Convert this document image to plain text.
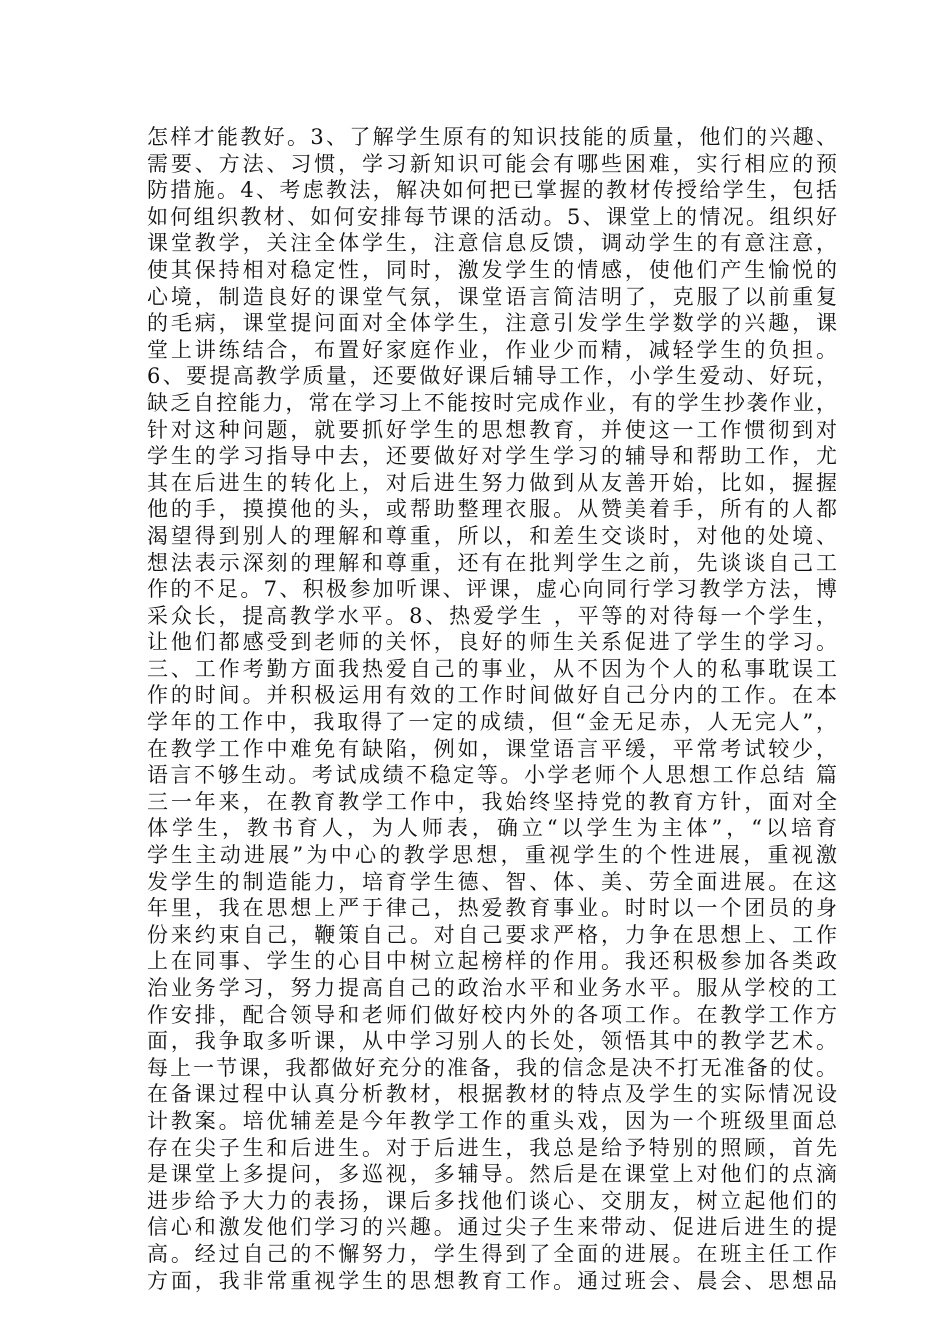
怎样才能教好。3、了解学生原有的知识技能的质量，他们的兴趣、
需要、方法、习惯，学习新知识可能会有哪些困难，实行相应的预
防措施。4、考虑教法，解决如何把已掌握的教材传授给学生，包括
如何组织教材、如何安排每节课的活动。5、课堂上的情况。组织好
课堂教学，关注全体学生，注意信息反馈，调动学生的有意注意，
使其保持相对稳定性，同时，激发学生的情感，使他们产生愉悦的
心境，制造良好的课堂气氛，课堂语言简洁明了，克服了以前重复
的毛病，课堂提问面对全体学生，注意引发学生学数学的兴趣，课
堂上讲练结合，布置好家庭作业，作业少而精，减轻学生的负担。
6、要提高教学质量，还要做好课后辅导工作，小学生爱动、好玩，
缺乏自控能力，常在学习上不能按时完成作业，有的学生抄袭作业，
针对这种问题，就要抓好学生的思想教育，并使这一工作惯彻到对
学生的学习指导中去，还要做好对学生学习的辅导和帮助工作，尤
其在后进生的转化上，对后进生努力做到从友善开始，比如，握握
他的手，摸摸他的头，或帮助整理衣服。从赞美着手，所有的人都
渴望得到别人的理解和尊重，所以，和差生交谈时，对他的处境、
想法表示深刻的理解和尊重，还有在批判学生之前，先谈谈自己工
作的不足。7、积极参加听课、评课，虚心向同行学习教学方法，博
采众长，提高教学水平。8、热爱学生 ，平等的对待每一个学生，
让他们都感受到老师的关怀，良好的师生关系促进了学生的学习。
三、工作考勤方面我热爱自己的事业，从不因为个人的私事耽误工
作的时间。并积极运用有效的工作时间做好自己分内的工作。在本
学年的工作中，我取得了一定的成绩，但“金无足赤，人无完人”，
在教学工作中难免有缺陷，例如，课堂语言平缓，平常考试较少，
语言不够生动。考试成绩不稳定等。小学老师个人思想工作总结 篇
三一年来，在教育教学工作中，我始终坚持党的教育方针，面对全
体学生，教书育人，为人师表，确立“以学生为主体”，“以培育
学生主动进展”为中心的教学思想，重视学生的个性进展，重视激
发学生的制造能力，培育学生德、智、体、美、劳全面进展。在这
年里，我在思想上严于律己，热爱教育事业。时时以一个团员的身
份来约束自己，鞭策自己。对自己要求严格，力争在思想上、工作
上在同事、学生的心目中树立起榜样的作用。我还积极参加各类政
治业务学习，努力提高自己的政治水平和业务水平。服从学校的工
作安排，配合领导和老师们做好校内外的各项工作。在教学工作方
面，我争取多听课，从中学习别人的长处，领悟其中的教学艺术。
每上一节课，我都做好充分的准备，我的信念是决不打无准备的仗。
在备课过程中认真分析教材，根据教材的特点及学生的实际情况设
计教案。培优辅差是今年教学工作的重头戏，因为一个班级里面总
存在尖子生和后进生。对于后进生，我总是给予特别的照顾，首先
是课堂上多提问，多巡视，多辅导。然后是在课堂上对他们的点滴
进步给予大力的表扬，课后多找他们谈心、交朋友，树立起他们的
信心和激发他们学习的兴趣。通过尖子生来带动、促进后进生的提
高。经过自己的不懈努力，学生得到了全面的进展。在班主任工作
方面，我非常重视学生的思想教育工作。通过班会、晨会、思想品
